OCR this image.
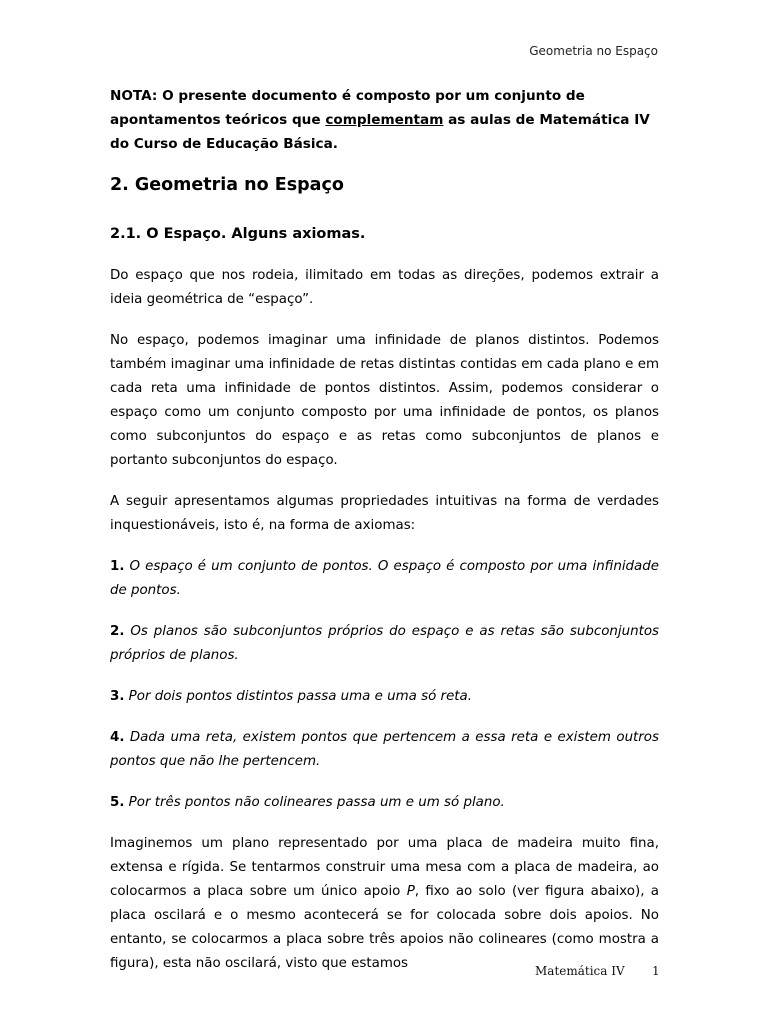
Geometria no Espaço

NOTA: O presente documento é composto por um conjunto de apontamentos teóricos que complementam as aulas de Matemática IV do Curso de Educação Básica.

2. Geometria no Espaço
2.1. O Espaço. Alguns axiomas.

Do espaço que nos rodeia, ilimitado em todas as direções, podemos extrair a ideia geométrica de “espaço”.

No espaço, podemos imaginar uma infinidade de planos distintos. Podemos também imaginar uma infinidade de retas distintas contidas em cada plano e em cada reta uma infinidade de pontos distintos. Assim, podemos considerar o espaço como um conjunto composto por uma infinidade de pontos, os planos como subconjuntos do espaço e as retas como subconjuntos de planos e portanto subconjuntos do espaço.

A seguir apresentamos algumas propriedades intuitivas na forma de verdades inquestionáveis, isto é, na forma de axiomas:

1. O espaço é um conjunto de pontos. O espaço é composto por uma infinidade de pontos.

2. Os planos são subconjuntos próprios do espaço e as retas são subconjuntos próprios de planos.

3. Por dois pontos distintos passa uma e uma só reta.

4. Dada uma reta, existem pontos que pertencem a essa reta e existem outros pontos que não lhe pertencem.

5. Por três pontos não colineares passa um e um só plano.

Imaginemos um plano representado por uma placa de madeira muito fina, extensa e rígida. Se tentarmos construir uma mesa com a placa de madeira, ao colocarmos a placa sobre um único apoio P, fixo ao solo (ver figura abaixo), a placa oscilará e o mesmo acontecerá se for colocada sobre dois apoios. No entanto, se colocarmos a placa sobre três apoios não colineares (como mostra a figura), esta não oscilará, visto que estamos	Matemática IV 1
